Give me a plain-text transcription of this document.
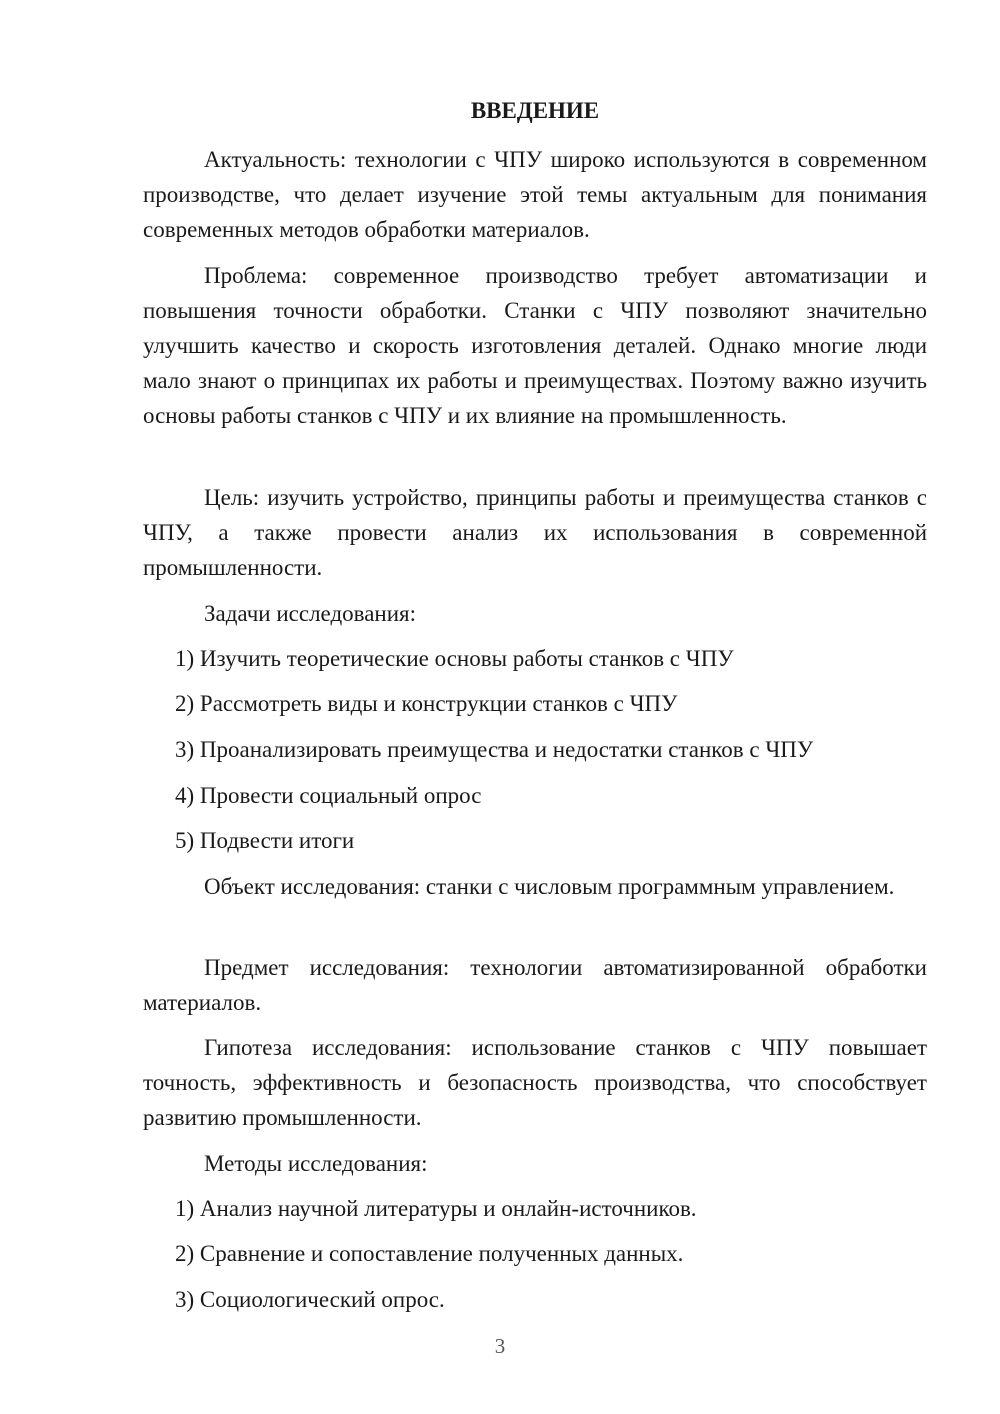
ВВЕДЕНИЕ

Актуальность: технологии с ЧПУ широко используются в современном производстве, что делает изучение этой темы актуальным для понимания современных методов обработки материалов.

Проблема: современное производство требует автоматизации и повышения точности обработки. Станки с ЧПУ позволяют значительно улучшить качество и скорость изготовления деталей. Однако многие люди мало знают о принципах их работы и преимуществах. Поэтому важно изучить основы работы станков с ЧПУ и их влияние на промышленность.

Цель: изучить устройство, принципы работы и преимущества станков с ЧПУ, а также провести анализ их использования в современной промышленности.

Задачи исследования:

1) Изучить теоретические основы работы станков с ЧПУ

2) Рассмотреть виды и конструкции станков с ЧПУ

3) Проанализировать преимущества и недостатки станков с ЧПУ

4) Провести социальный опрос

5) Подвести итоги

Объект исследования: станки с числовым программным управлением.

Предмет исследования: технологии автоматизированной обработки материалов.

Гипотеза исследования: использование станков с ЧПУ повышает точность, эффективность и безопасность производства, что способствует развитию промышленности.

Методы исследования:

1) Анализ научной литературы и онлайн-источников.

2) Сравнение и сопоставление полученных данных.

3) Социологический опрос.

3
